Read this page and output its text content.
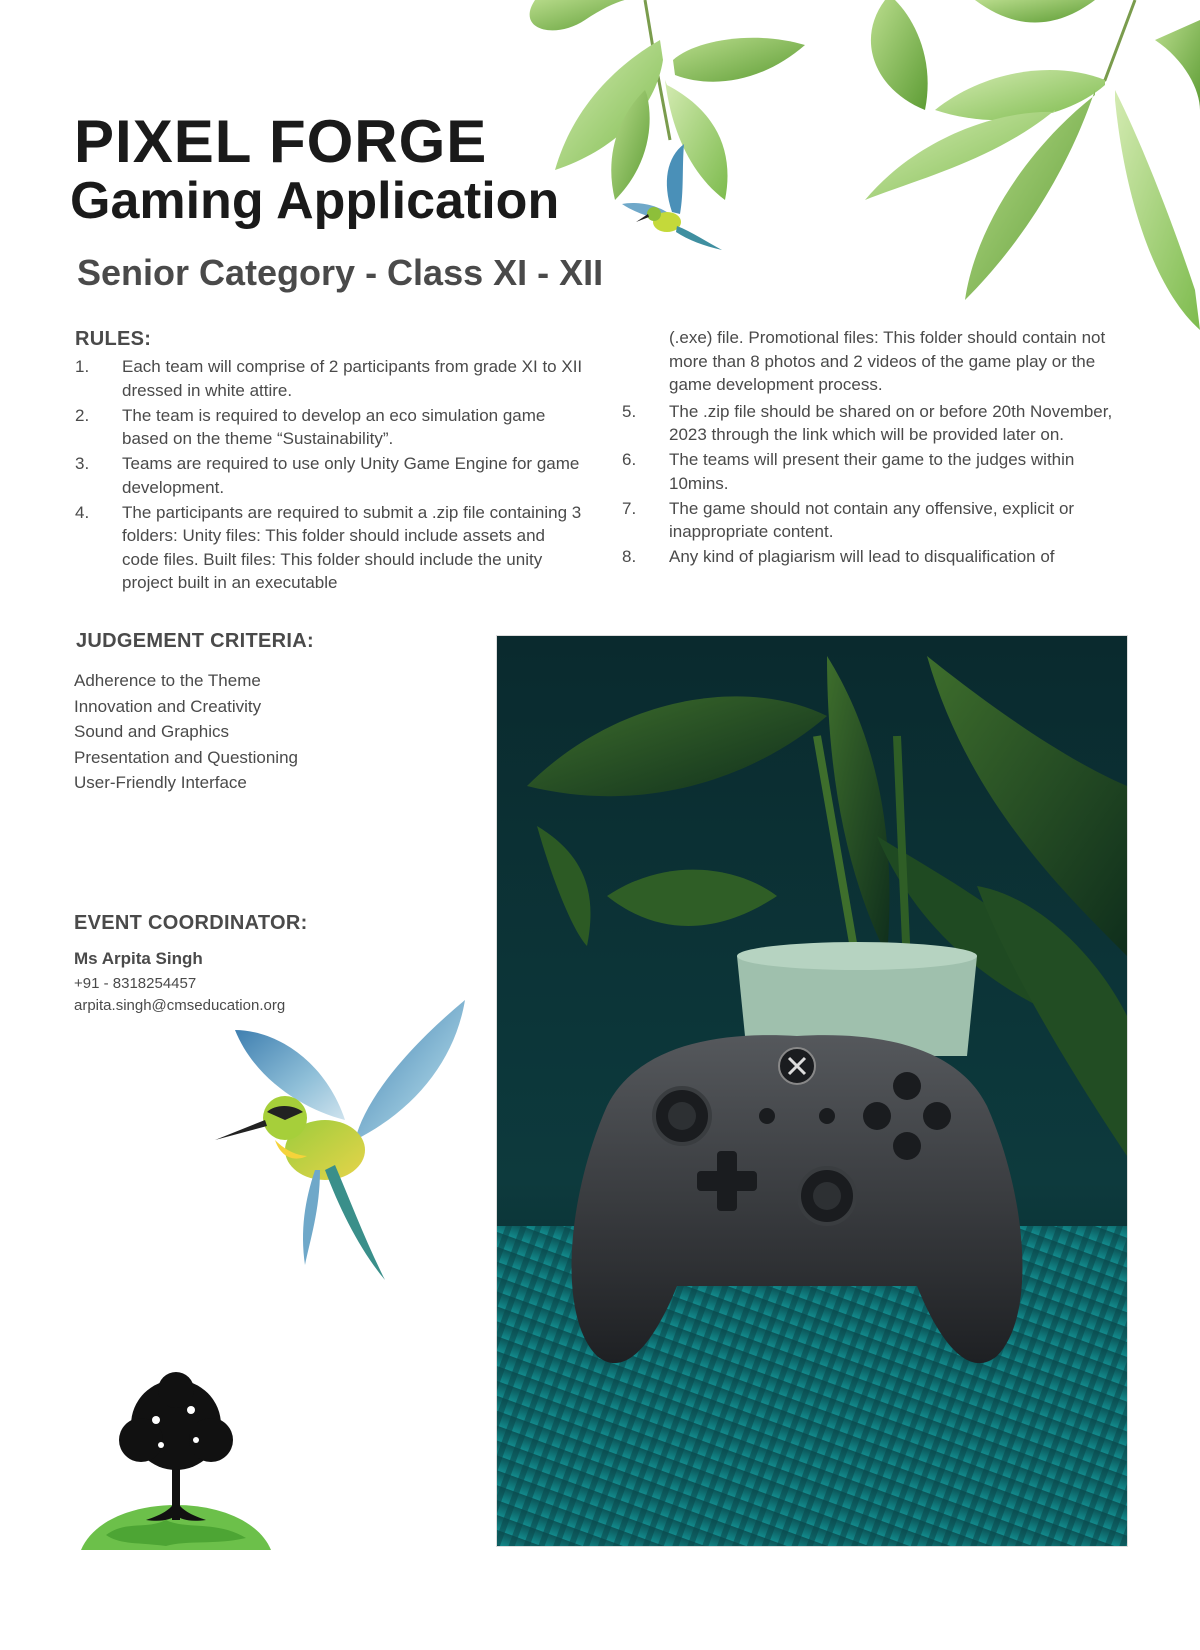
PIXEL FORGE
Gaming Application
Senior Category - Class XI - XII

RULES:

1. Each team will comprise of 2 participants from grade XI to XII dressed in white attire.
2. The team is required to develop an eco simulation game based on the theme “Sustainability”.
3. Teams are required to use only Unity Game Engine for game development.
4. The participants are required to submit a .zip file containing 3 folders: Unity files: This folder should include assets and code files. Built files: This folder should include the unity project built in an executable
(.exe) file. Promotional files: This folder should contain not more than 8 photos and 2 videos of the game play or the game development process.
5. The .zip file should be shared on or before 20th November, 2023 through the link which will be provided later on.
6. The teams will present their game to the judges within 10mins.
7. The game should not contain any offensive, explicit or inappropriate content.
8. Any kind of plagiarism will lead to disqualification of

JUDGEMENT CRITERIA:

Adherence to the Theme
Innovation and Creativity
Sound and Graphics
Presentation and Questioning
User-Friendly Interface

EVENT COORDINATOR:

Ms Arpita Singh

+91 - 8318254457

arpita.singh@cmseducation.org
